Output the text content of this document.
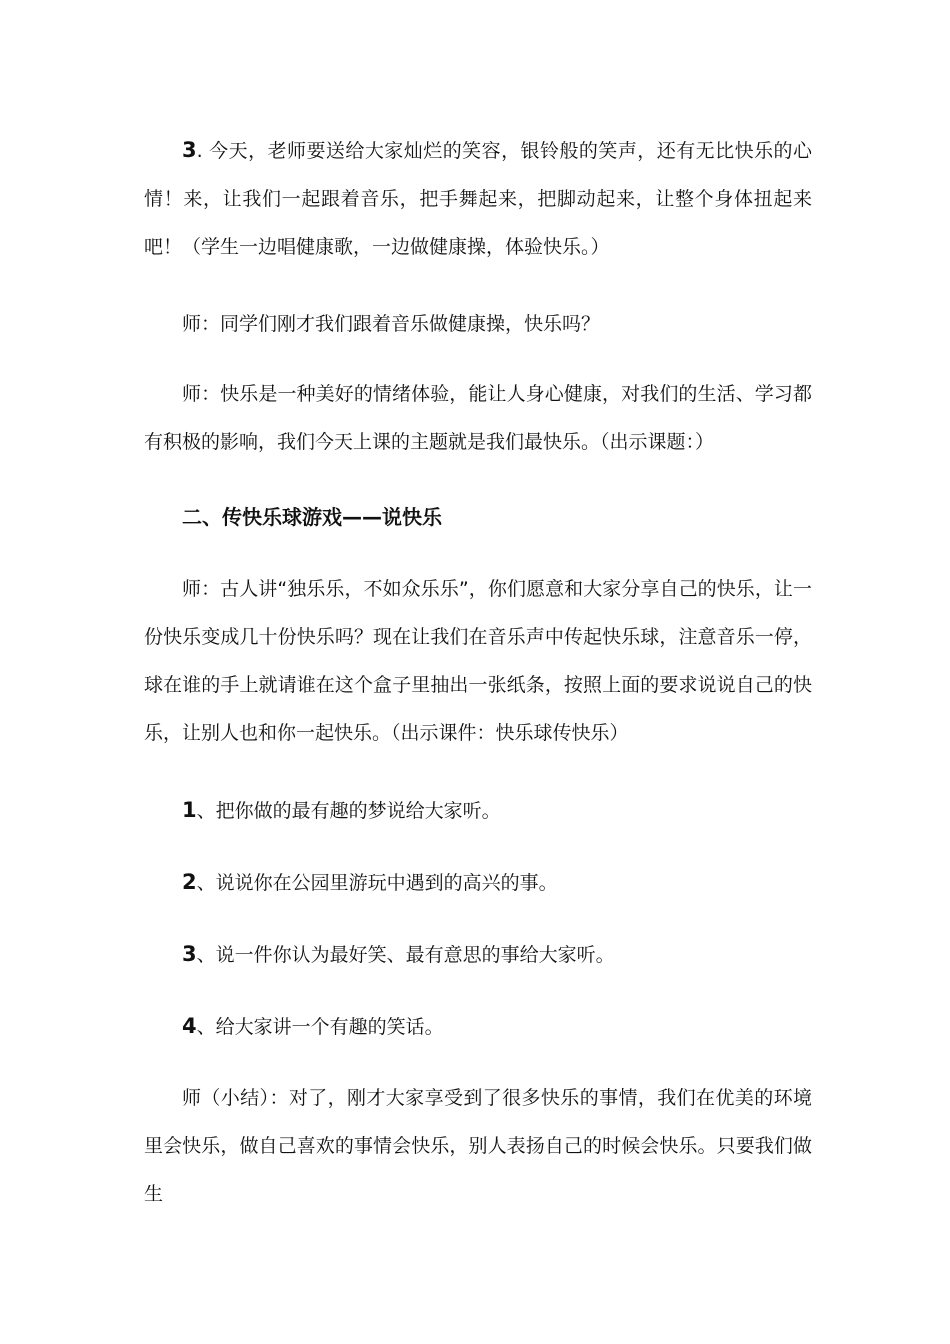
3. 今天，老师要送给大家灿烂的笑容，银铃般的笑声，还有无比快乐的心情！来，让我们一起跟着音乐，把手舞起来，把脚动起来，让整个身体扭起来吧！（学生一边唱健康歌，一边做健康操，体验快乐。）

师：同学们刚才我们跟着音乐做健康操，快乐吗？

师：快乐是一种美好的情绪体验，能让人身心健康，对我们的生活、学习都有积极的影响，我们今天上课的主题就是我们最快乐。（出示课题：）

二、传快乐球游戏——说快乐

师：古人讲“独乐乐，不如众乐乐”，你们愿意和大家分享自己的快乐，让一份快乐变成几十份快乐吗？现在让我们在音乐声中传起快乐球，注意音乐一停，球在谁的手上就请谁在这个盒子里抽出一张纸条，按照上面的要求说说自己的快乐，让别人也和你一起快乐。（出示课件：快乐球传快乐）

1、把你做的最有趣的梦说给大家听。

2、说说你在公园里游玩中遇到的高兴的事。

3、说一件你认为最好笑、最有意思的事给大家听。

4、给大家讲一个有趣的笑话。

师（小结）：对了，刚才大家享受到了很多快乐的事情，我们在优美的环境里会快乐，做自己喜欢的事情会快乐，别人表扬自己的时候会快乐。只要我们做生
